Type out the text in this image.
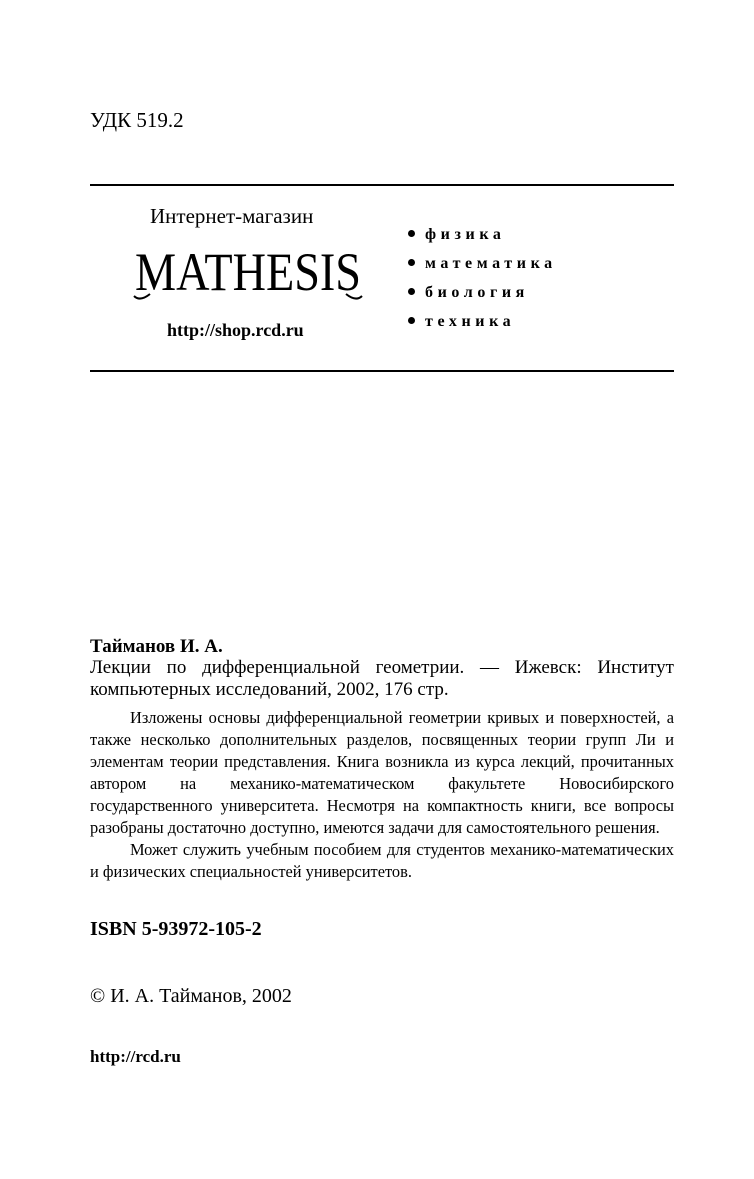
УДК 519.2
Интернет-магазин
MATHESIS
http://shop.rcd.ru
физика
математика
биология
техника
Тайманов И. А.
Лекции по дифференциальной геометрии. — Ижевск: Институт компьютерных исследований, 2002, 176 стр.

Изложены основы дифференциальной геометрии кривых и поверхностей, а также несколько дополнительных разделов, посвященных теории групп Ли и элементам теории представления. Книга возникла из курса лекций, прочитанных автором на механико-математическом факультете Новосибирского государственного университета. Несмотря на компактность книги, все вопросы разобраны достаточно доступно, имеются задачи для самостоятельного решения.

Может служить учебным пособием для студентов механико-математических и физических специальностей университетов.

ISBN 5-93972-105-2
© И. А. Тайманов, 2002
http://rcd.ru
